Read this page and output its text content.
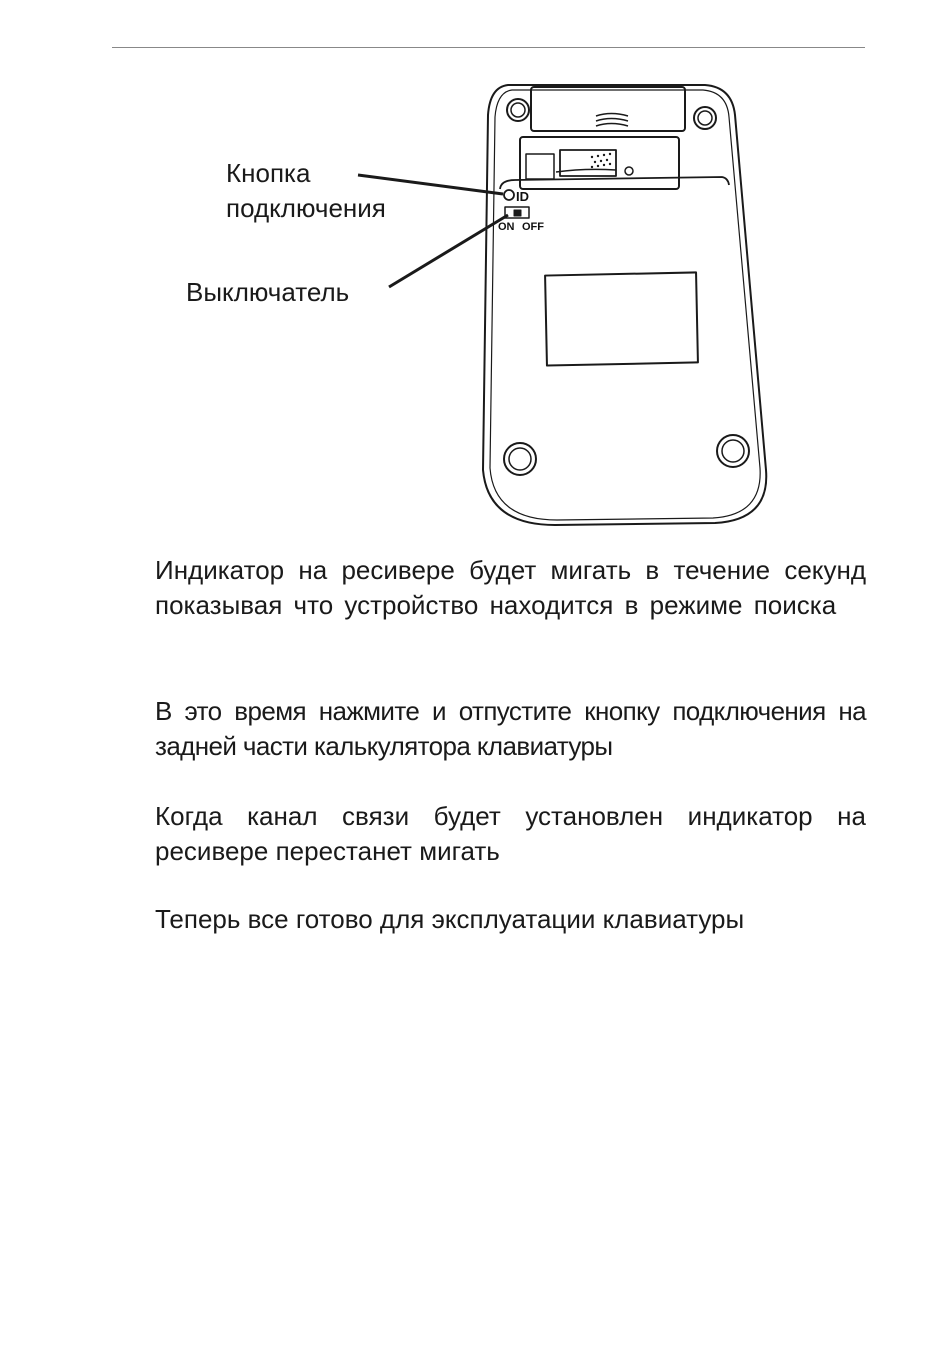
ID
ON OFF
Кнопка
подключения
Выключатель

Индикатор на ресивере будет мигать в течение секунд показывая что устройство находится в режиме поиска

В это время нажмите и отпустите кнопку подключения на задней части калькулятора клавиатуры

Когда канал связи будет установлен индикатор на ресивере перестанет мигать

Теперь все готово для эксплуатации клавиатуры
